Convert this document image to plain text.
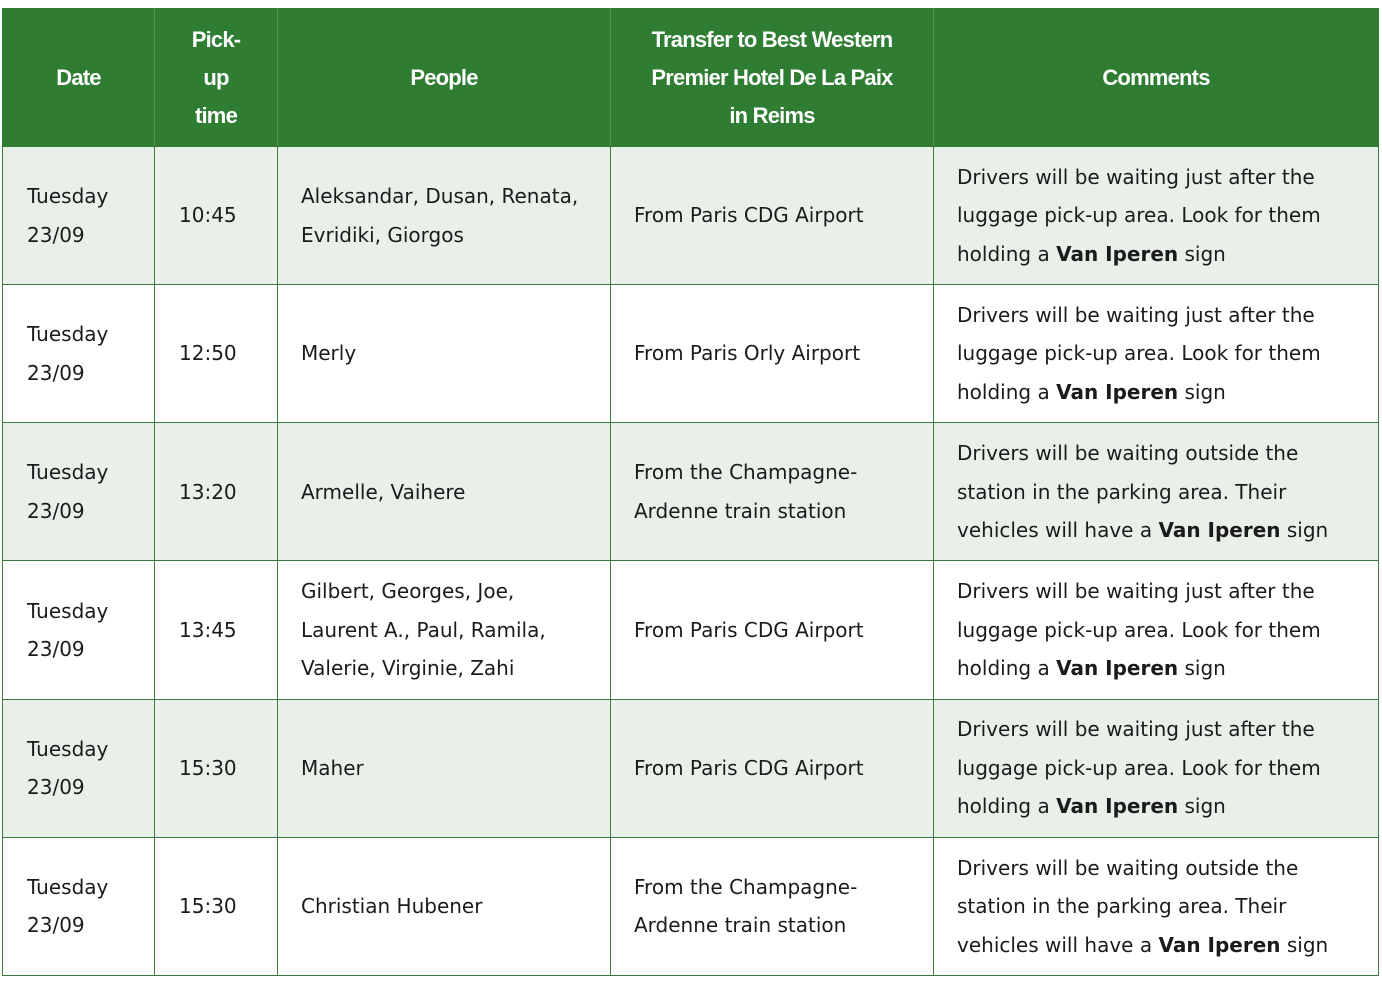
Date	Pick-
up
time	People	Transfer to Best Western
Premier Hotel De La Paix
in Reims	Comments

Tuesday
23/09	10:45	Aleksandar, Dusan, Renata,
Evridiki, Giorgos	From Paris CDG Airport	Drivers will be waiting just after the
luggage pick-up area. Look for them
holding a Van Iperen sign

Tuesday
23/09	12:50	Merly	From Paris Orly Airport	Drivers will be waiting just after the
luggage pick-up area. Look for them
holding a Van Iperen sign

Tuesday
23/09	13:20	Armelle, Vaihere	From the Champagne-
Ardenne train station	Drivers will be waiting outside the
station in the parking area. Their
vehicles will have a Van Iperen sign

Tuesday
23/09	13:45	Gilbert, Georges, Joe,
Laurent A., Paul, Ramila,
Valerie, Virginie, Zahi	From Paris CDG Airport	Drivers will be waiting just after the
luggage pick-up area. Look for them
holding a Van Iperen sign

Tuesday
23/09	15:30	Maher	From Paris CDG Airport	Drivers will be waiting just after the
luggage pick-up area. Look for them
holding a Van Iperen sign

Tuesday
23/09	15:30	Christian Hubener	From the Champagne-
Ardenne train station	Drivers will be waiting outside the
station in the parking area. Their
vehicles will have a Van Iperen sign
